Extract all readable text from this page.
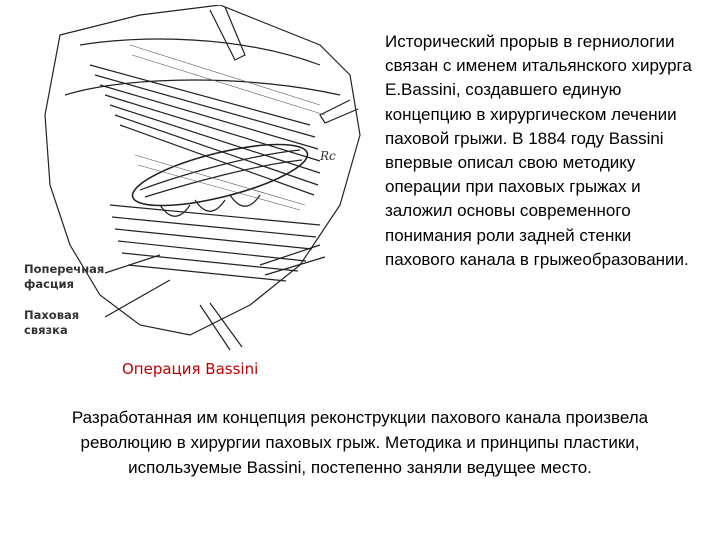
Rc
Поперечная
фасция
Паховая
связка
Операция Bassini
Исторический прорыв в герниологии связан с именем итальянского хирурга E.Bassini, создавшего единую концепцию в хирургическом лечении паховой грыжи. В 1884 году Bassini впервые описал свою методику операции при паховых грыжах и заложил основы современного понимания роли задней стенки пахового канала в грыжеобразовании.
Разработанная им концепция реконструкции пахового канала произвела революцию в хирургии паховых грыж. Методика и принципы пластики, используемые Bassini, постепенно заняли ведущее место.
